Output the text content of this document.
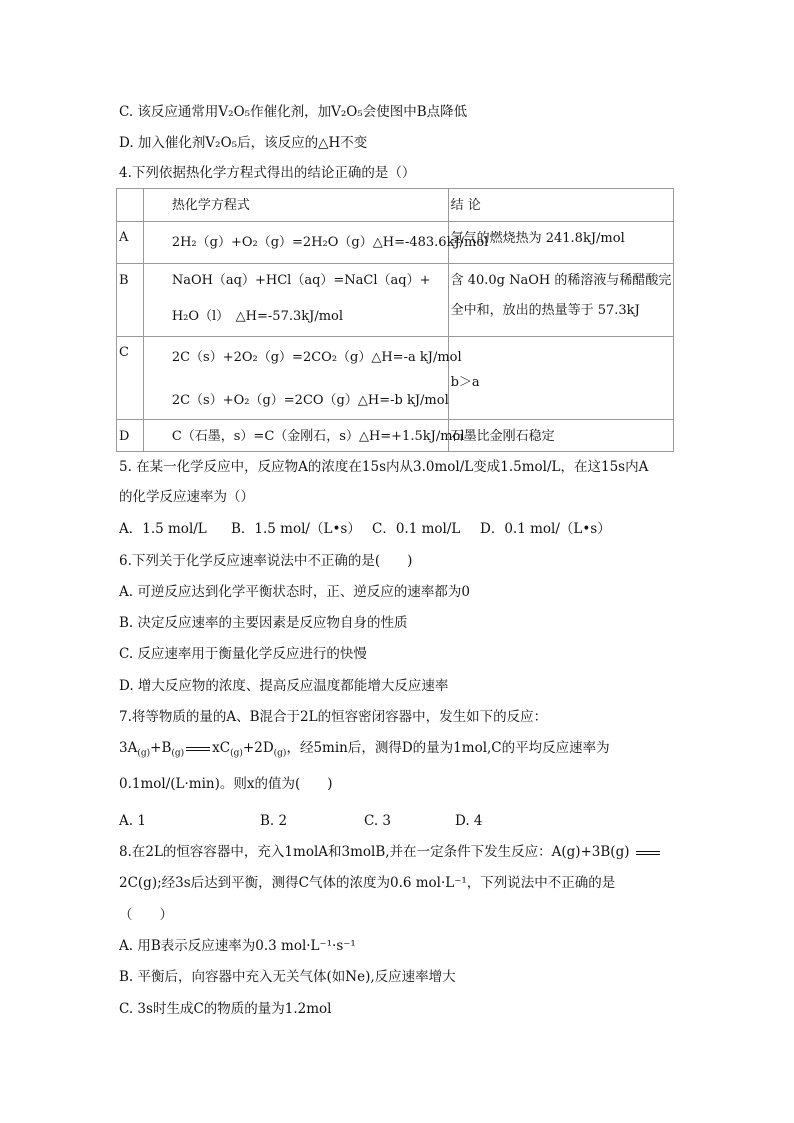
C. 该反应通常用V₂O₅作催化剂，加V₂O₅会使图中B点降低
D. 加入催化剂V₂O₅后，该反应的△H不变
4.下列依据热化学方程式得出的结论正确的是（）

	热化学方程式	结 论

A	2H₂（g）+O₂（g）=2H₂O（g）△H=-483.6kJ/mol	氢气的燃烧热为 241.8kJ/mol

B	NaOH（aq）+HCl（aq）=NaCl（aq）+
H₂O（l）　△H=-57.3kJ/mol	含 40.0g NaOH 的稀溶液与稀醋酸完
全中和，放出的热量等于 57.3kJ

C	2C（s）+2O₂（g）=2CO₂（g）△H=-a kJ/mol
2C（s）+O₂（g）=2CO（g）△H=-b kJ/mol	b＞a

D	C（石墨，s）=C（金刚石，s）△H=+1.5kJ/mol	石墨比金刚石稳定
5. 在某一化学反应中，反应物A的浓度在15s内从3.0mol/L变成1.5mol/L，在这15s内A
的化学反应速率为（）
A．1.5 mol/L B．1.5 mol/（L•s） C．0.1 mol/L D．0.1 mol/（L•s）
6.下列关于化学反应速率说法中不正确的是(　　)
A. 可逆反应达到化学平衡状态时，正、逆反应的速率都为0
B. 决定反应速率的主要因素是反应物自身的性质
C. 反应速率用于衡量化学反应进行的快慢
D. 增大反应物的浓度、提高反应温度都能增大反应速率
7.将等物质的量的A、B混合于2L的恒容密闭容器中，发生如下的反应：
$3A_{(g)}+B_{(g)}$ $xC_{(g)}+2D_{(g)}$，经5min后，测得D的量为1mol,C的平均反应速率为
0.1mol/(L·min)。则x的值为(　　)
A. 1	B. 2	C. 3	D. 4
8.在2L的恒容容器中，充入1molA和3molB,并在一定条件下发生反应：A(g)+3B(g)
2C(g);经3s后达到平衡，测得C气体的浓度为0.6 mol·L⁻¹，下列说法中不正确的是
（　　）
A. 用B表示反应速率为0.3 mol·L⁻¹·s⁻¹
B. 平衡后，向容器中充入无关气体(如Ne),反应速率增大
C. 3s时生成C的物质的量为1.2mol
